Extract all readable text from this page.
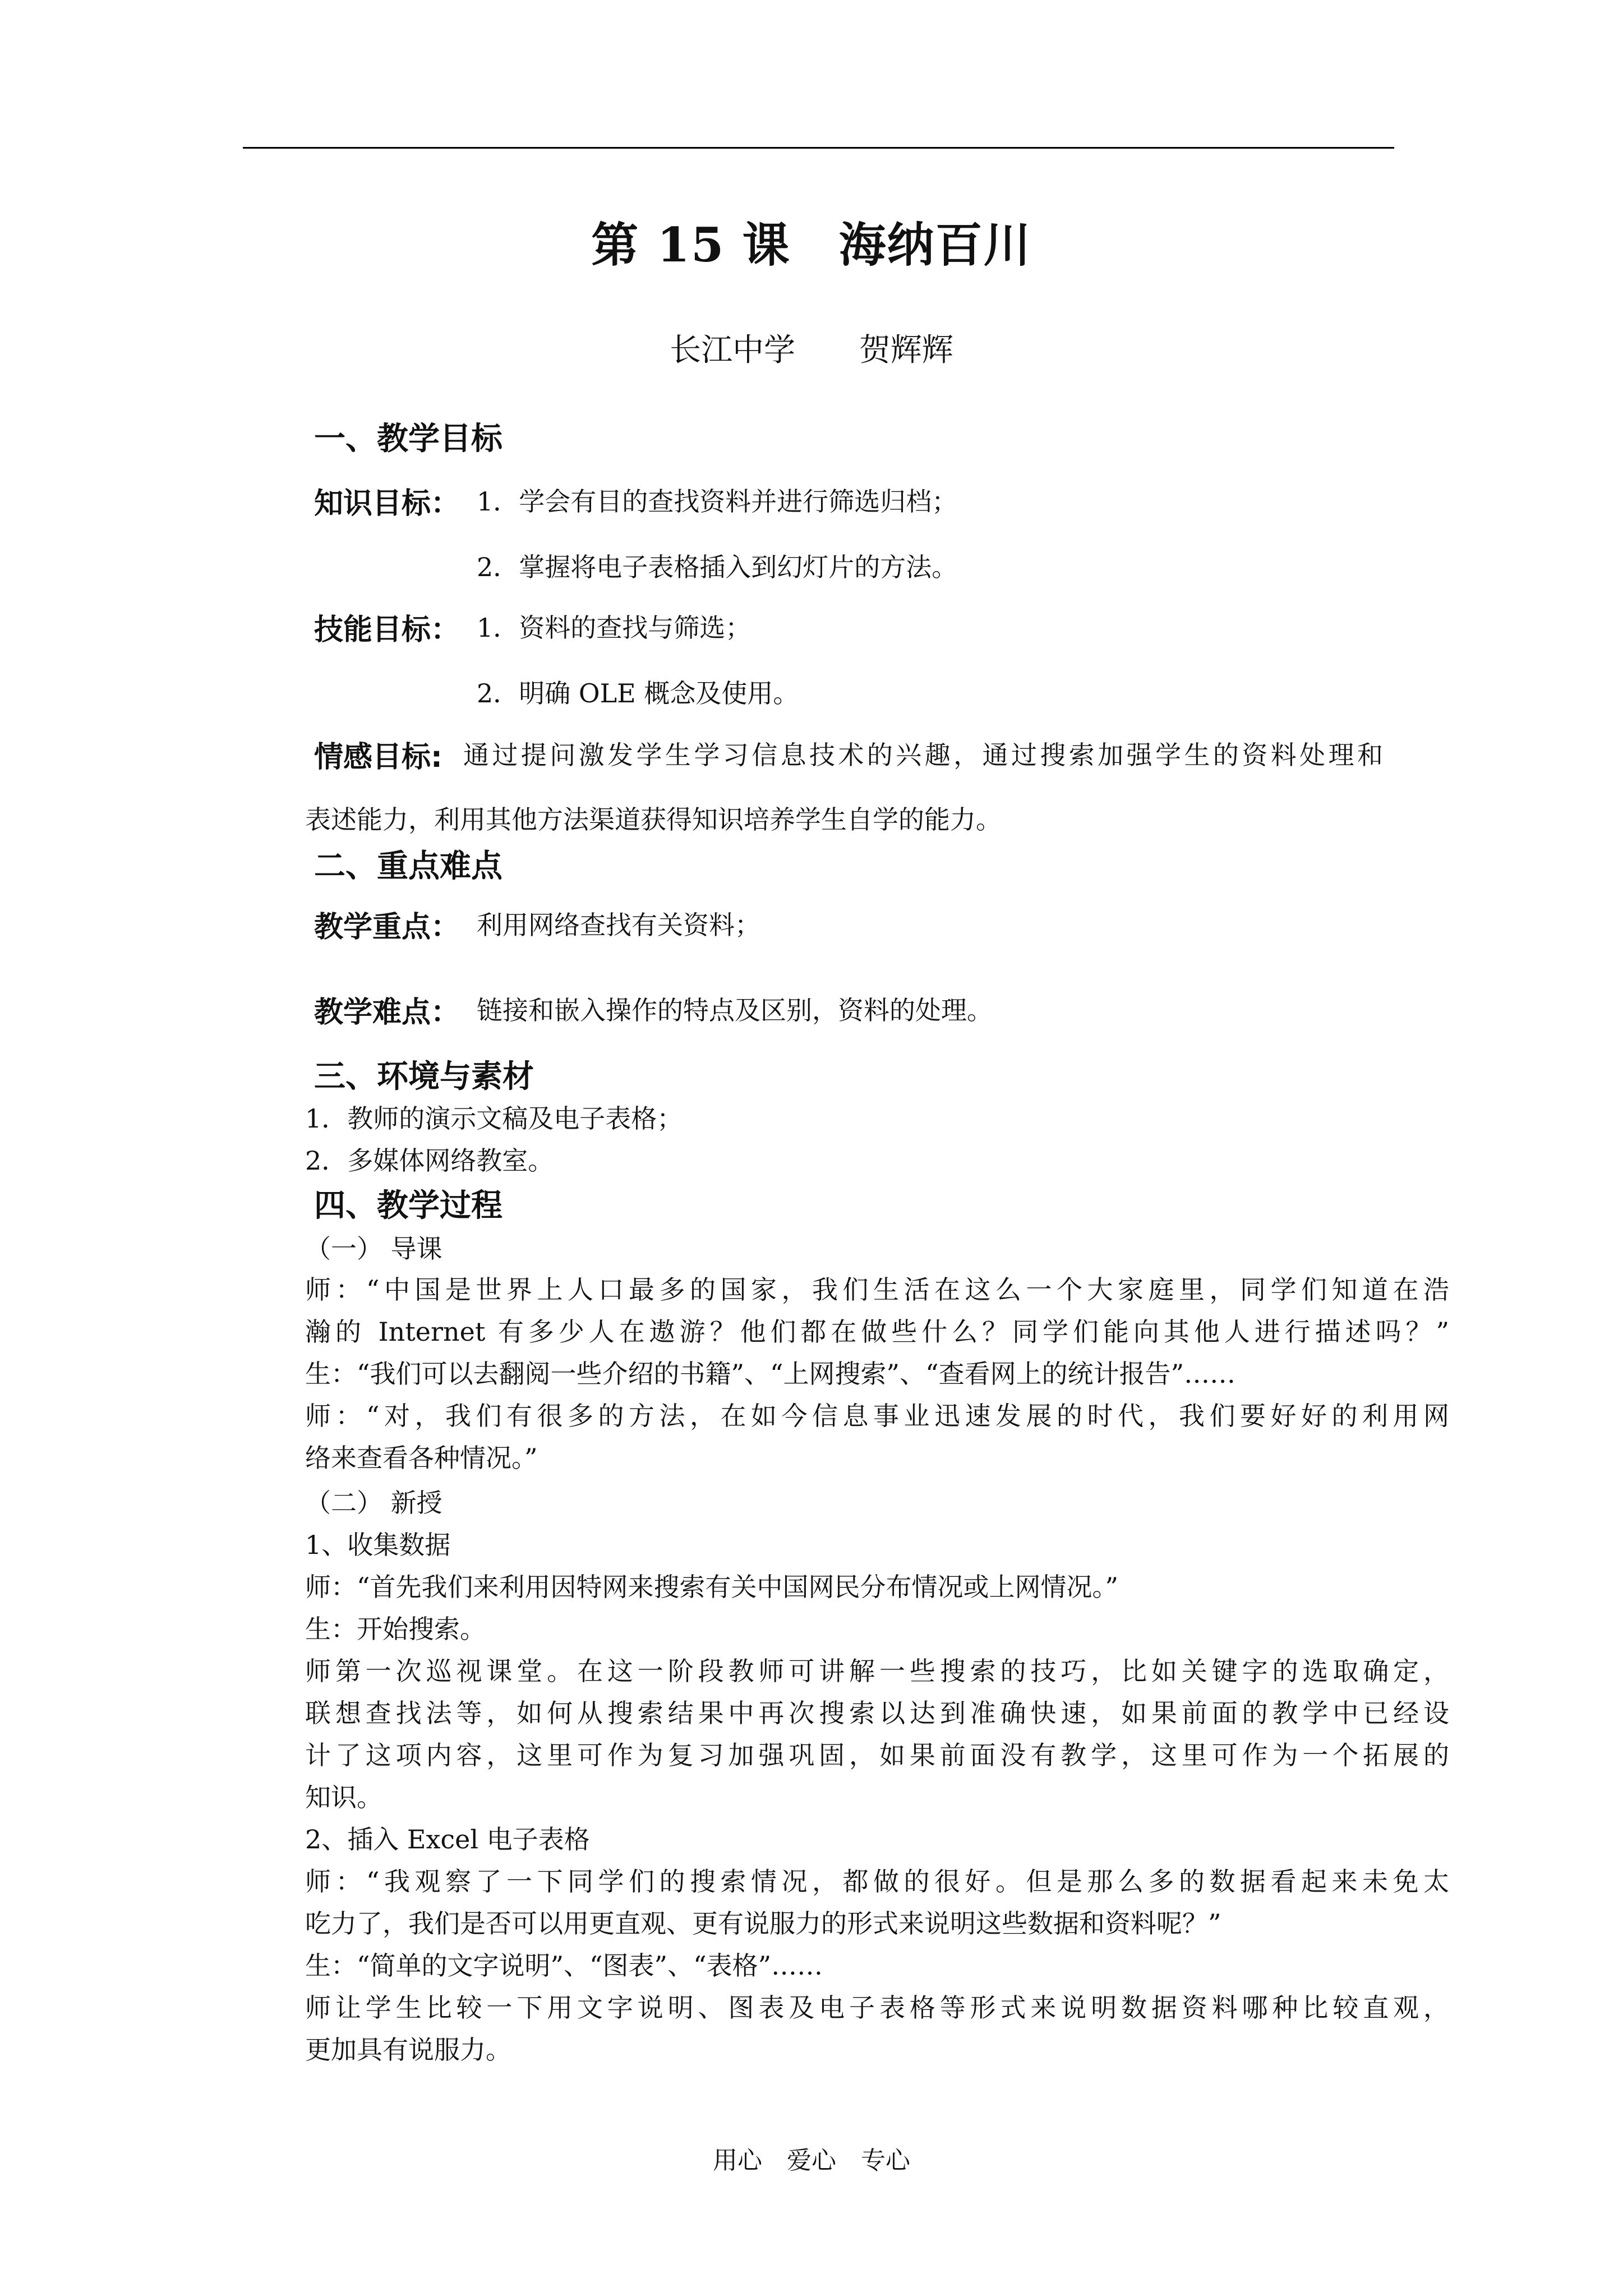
第 15 课　海纳百川
长江中学　 贺辉辉
一、教学目标
知识目标： 1．学会有目的查找资料并进行筛选归档；
2．掌握将电子表格插入到幻灯片的方法。
技能目标： 1．资料的查找与筛选；
2．明确 OLE 概念及使用。
情感目标: 通过提问激发学生学习信息技术的兴趣，通过搜索加强学生的资料处理和
表述能力，利用其他方法渠道获得知识培养学生自学的能力。
二、重点难点
教学重点： 利用网络查找有关资料；
教学难点： 链接和嵌入操作的特点及区别，资料的处理。
三、环境与素材
1．教师的演示文稿及电子表格；
2．多媒体网络教室。
四、教学过程
（一） 导课
师：“中国是世界上人口最多的国家，我们生活在这么一个大家庭里，同学们知道在浩
瀚的 Internet 有多少人在遨游？他们都在做些什么？同学们能向其他人进行描述吗？”
生：“我们可以去翻阅一些介绍的书籍”、“上网搜索”、“查看网上的统计报告”……
师：“对，我们有很多的方法，在如今信息事业迅速发展的时代，我们要好好的利用网
络来查看各种情况。”
（二） 新授
1、收集数据
师：“首先我们来利用因特网来搜索有关中国网民分布情况或上网情况。”
生：开始搜索。
师第一次巡视课堂。在这一阶段教师可讲解一些搜索的技巧，比如关键字的选取确定，
联想查找法等，如何从搜索结果中再次搜索以达到准确快速，如果前面的教学中已经设
计了这项内容，这里可作为复习加强巩固，如果前面没有教学，这里可作为一个拓展的
知识。
2、插入 Excel 电子表格
师：“我观察了一下同学们的搜索情况，都做的很好。但是那么多的数据看起来未免太
吃力了，我们是否可以用更直观、更有说服力的形式来说明这些数据和资料呢？”
生：“简单的文字说明”、“图表”、“表格”……
师让学生比较一下用文字说明、图表及电子表格等形式来说明数据资料哪种比较直观，
更加具有说服力。
用心　爱心　专心
